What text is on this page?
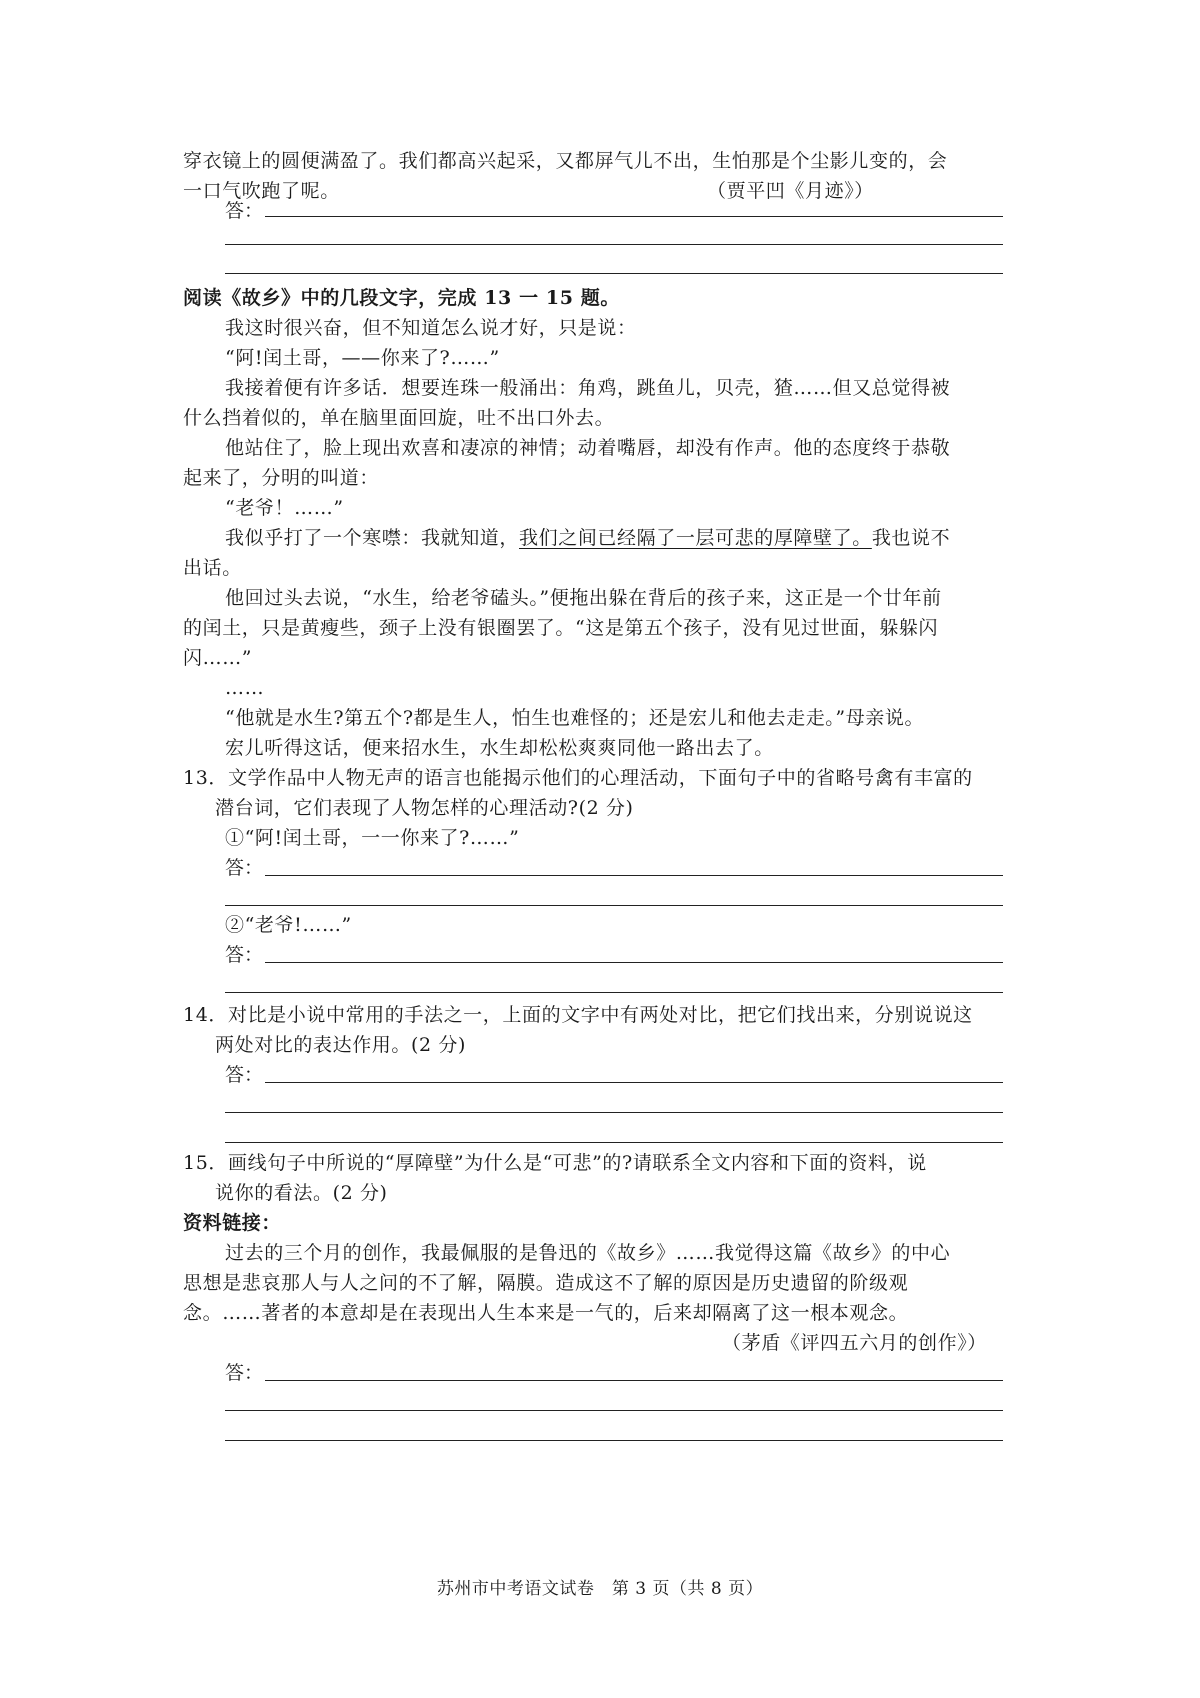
穿衣镜上的圆便满盈了。我们都高兴起采，又都屏气儿不出，生怕那是个尘影儿变的，会
一口气吹跑了呢。	（贾平凹《月迹》）
答：
阅读《故乡》中的几段文字，完成 13 一 15 题。
我这时很兴奋，但不知道怎么说才好，只是说：
“阿!闰土哥，——你来了?……”
我接着便有许多话．想要连珠一般涌出：角鸡，跳鱼儿，贝壳，猹……但又总觉得被
什么挡着似的，单在脑里面回旋，吐不出口外去。
他站住了，脸上现出欢喜和凄凉的神情；动着嘴唇，却没有作声。他的态度终于恭敬
起来了，分明的叫道：
“老爷！……”
我似乎打了一个寒噤：我就知道，我们之间已经隔了一层可悲的厚障壁了。我也说不
出话。
他回过头去说，“水生，给老爷磕头。”便拖出躲在背后的孩子来，这正是一个廿年前
的闰土，只是黄瘦些，颈子上没有银圈罢了。“这是第五个孩子，没有见过世面，躲躲闪
闪……”
……
“他就是水生?第五个?都是生人，怕生也难怪的；还是宏儿和他去走走。”母亲说。
宏儿听得这话，便来招水生，水生却松松爽爽同他一路出去了。
13．文学作品中人物无声的语言也能揭示他们的心理活动，下面句子中的省略号禽有丰富的
潜台词，它们表现了人物怎样的心理活动?(2 分)
①“阿!闰土哥，一一你来了?……”
答：
②“老爷!……”
答：
14．对比是小说中常用的手法之一，上面的文字中有两处对比，把它们找出来，分别说说这
两处对比的表达作用。(2 分)
答：
15．画线句子中所说的“厚障壁”为什么是“可悲”的?请联系全文内容和下面的资料，说
说你的看法。(2 分)
资料链接：
过去的三个月的创作，我最佩服的是鲁迅的《故乡》……我觉得这篇《故乡》的中心
思想是悲哀那人与人之问的不了解，隔膜。造成这不了解的原因是历史遗留的阶级观
念。……著者的本意却是在表现出人生本来是一气的，后来却隔离了这一根本观念。
（茅盾《评四五六月的创作》）
答：
苏州市中考语文试卷　第 3 页（共 8 页）
